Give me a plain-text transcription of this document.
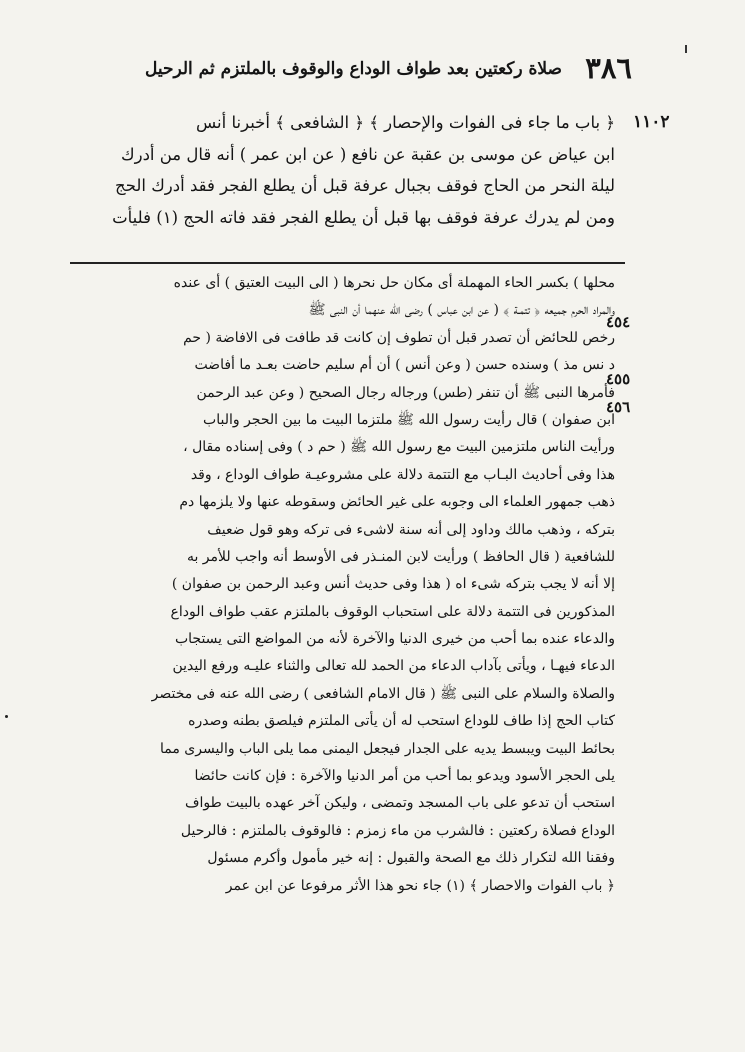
٣٨٦
صلاة ركعتين بعد طواف الوداع والوقوف بالملتزم ثم الرحيل
١١٠٢
﴿ باب ما جاء فى الفوات والإحصار ﴾ ﴿ الشافعى ﴾ أخبرنا أنس
ابن عياض عن موسى بن عقبة عن نافع ( عن ابن عمر ) أنه قال من أدرك
ليلة النحر من الحاج فوقف بجبال عرفة قبل أن يطلع الفجر فقد أدرك الحج
ومن لم يدرك عرفة فوقف بها قبل أن يطلع الفجر فقد فاته الحج (١) فليأت
٤٥٤
٤٥٥
٤٥٦
محلها ) بكسر الحاء المهملة أى مكان حل نحرها ( الى البيت العتيق ) أى عنده
والمراد الحرم جميعه ﴿ تتمـة ﴾ ( عن ابن عباس ) رضى الله عنهما أن النبى ﷺ
رخص للحائض أن تصدر قبل أن تطوف إن كانت قد طافت فى الافاضة ( حم
د نس مذ ) وسنده حسن ( وعن أنس ) أن أم سليم حاضت بعـد ما أفاضت
فأمرها النبى ﷺ أن تنفر (طس) ورجاله رجال الصحيح ( وعن عبد الرحمن
ابن صفوان ) قال رأيت رسول الله ﷺ ملتزما البيت ما بين الحجر والباب
ورأيت الناس ملتزمين البيت مع رسول الله ﷺ ( حم د ) وفى إسناده مقال ،
هذا وفى أحاديث البـاب مع التتمة دلالة على مشروعيـة طواف الوداع ، وقد
ذهب جمهور العلماء الى وجوبه على غير الحائض وسقوطه عنها ولا يلزمها دم
بتركه ، وذهب مالك وداود إلى أنه سنة لاشىء فى تركه وهو قول ضعيف
للشافعية ( قال الحافظ ) ورأيت لابن المنـذر فى الأوسط أنه واجب للأمر به
إلا أنه لا يجب بتركه شىء اه ( هذا وفى حديث أنس وعبد الرحمن بن صفوان )
المذكورين فى التتمة دلالة على استحباب الوقوف بالملتزم عقب طواف الوداع
والدعاء عنده بما أحب من خيرى الدنيا والآخرة لأنه من المواضع التى يستجاب
الدعاء فيهـا ، ويأتى بآداب الدعاء من الحمد لله تعالى والثناء عليـه ورفع اليدين
والصلاة والسلام على النبى ﷺ ( قال الامام الشافعى ) رضى الله عنه فى مختصر
كتاب الحج إذا طاف للوداع استحب له أن يأتى الملتزم فيلصق بطنه وصدره
بحائط البيت ويبسط يديه على الجدار فيجعل اليمنى مما يلى الباب واليسرى مما
يلى الحجر الأسود ويدعو بما أحب من أمر الدنيا والآخرة : فإن كانت حائضا
استحب أن تدعو على باب المسجد وتمضى ، وليكن آخر عهده بالبيت طواف
الوداع فصلاة ركعتين : فالشرب من ماء زمزم : فالوقوف بالملتزم : فالرحيل
وفقنا الله لتكرار ذلك مع الصحة والقبول : إنه خير مأمول وأكرم مسئول
﴿ باب الفوات والاحصار ﴾ (١) جاء نحو هذا الأثر مرفوعا عن ابن عمر
